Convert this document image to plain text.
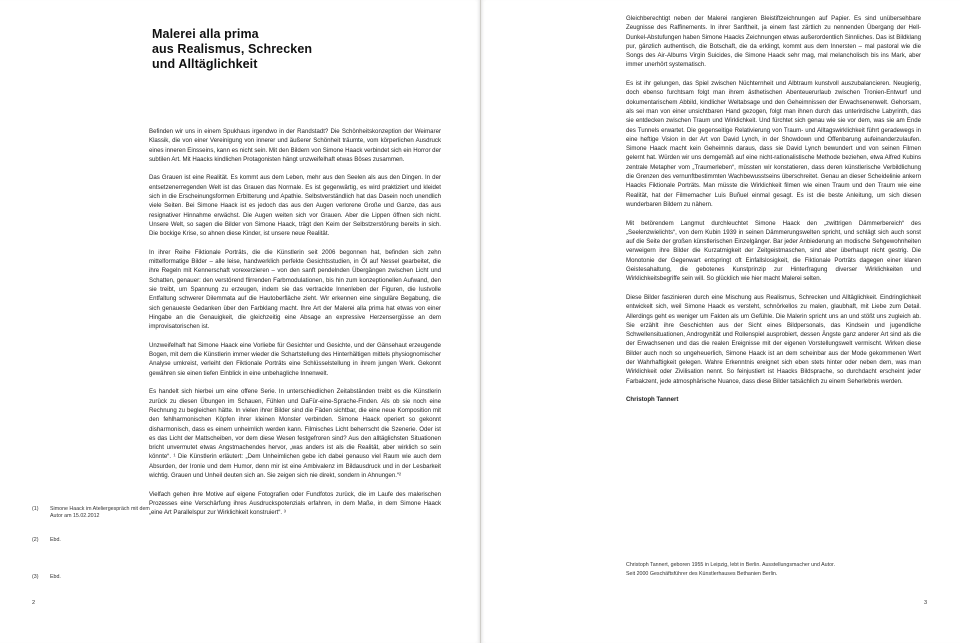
Malerei alla prima
aus Realismus, Schrecken
und Alltäglichkeit

Befinden wir uns in einem Spukhaus irgendwo in der Randstadt? Die Schönheitskonzeption der Weimarer Klassik, die von einer Vereinigung von innerer und äußerer Schönheit träumte, vom körperlichen Ausdruck eines inneren Einsseins, kann es nicht sein. Mit den Bildern von Simone Haack verbindet sich ein Horror der subtilen Art. Mit Haacks kindlichen Protagonisten hängt unzweifelhaft etwas Böses zusammen.

Das Grauen ist eine Realität. Es kommt aus dem Leben, mehr aus den Seelen als aus den Dingen. In der entsetzenerregenden Welt ist das Grauen das Normale. Es ist gegenwärtig, es wird praktiziert und kleidet sich in die Erscheinungsformen Erbitterung und Apathie. Selbstverständlich hat das Dasein noch unendlich viele Seiten. Bei Simone Haack ist es jedoch das aus den Augen verlorene Große und Ganze, das aus resignativer Hinnahme erwächst. Die Augen weiten sich vor Grauen. Aber die Lippen öffnen sich nicht. Unsere Welt, so sagen die Bilder von Simone Haack, trägt den Keim der Selbstzerstörung bereits in sich. Die bockige Krise, so ahnen diese Kinder, ist unsere neue Realität.

In ihrer Reihe Fiktionale Porträts, die die Künstlerin seit 2006 begonnen hat, befinden sich zehn mittelformatige Bilder – alle leise, handwerklich perfekte Gesichtsstudien, in Öl auf Nessel gearbeitet, die ihre Regeln mit Kennerschaft vorexerzieren – von den sanft pendelnden Übergängen zwischen Licht und Schatten, genauer: den verstörend flirrenden Farbmodulationen, bis hin zum konzeptionellen Aufwand, den sie treibt, um Spannung zu erzeugen, indem sie das vertrackte Innenleben der Figuren, die lustvolle Entfaltung schwerer Dilemmata auf die Hautoberfläche zieht. Wir erkennen eine singuläre Begabung, die sich genaueste Gedanken über den Farbklang macht. Ihre Art der Malerei alla prima hat etwas von einer Hingabe an die Genauigkeit, die gleichzeitig eine Absage an expressive Herzensergüsse an dem improvisatorischen ist.

Unzweifelhaft hat Simone Haack eine Vorliebe für Gesichter und Gesichte, und der Gänsehaut erzeugende Bogen, mit dem die Künstlerin immer wieder die Schartstellung des Hinterhältigen mittels physiognomischer Analyse umkreist, verleiht den Fiktionale Porträts eine Schlüsselstellung in ihrem jungen Werk. Gekonnt gewähren sie einen tiefen Einblick in eine unbehagliche Innenwelt.

Es handelt sich hierbei um eine offene Serie. In unterschiedlichen Zeitabständen treibt es die Künstlerin zurück zu diesen Übungen im Schauen, Fühlen und DaFür-eine-Sprache-Finden. Als ob sie noch eine Rechnung zu begleichen hätte. In vielen ihrer Bilder sind die Fäden sichtbar, die eine neue Komposition mit den fehlharmonischen Köpfen ihrer kleinen Monster verbinden. Simone Haack operiert so gekonnt disharmonisch, dass es einem unheimlich werden kann. Filmisches Licht beherrscht die Szenerie. Oder ist es das Licht der Mattscheiben, vor dem diese Wesen festgefroren sind? Aus den alltäglichsten Situationen bricht unvermutet etwas Angstmachendes hervor, „was anders ist als die Realität, aber wirklich so sein könnte“. ¹ Die Künstlerin erläutert: „Dem Unheimlichen gebe ich dabei genauso viel Raum wie auch dem Absurden, der Ironie und dem Humor, denn mir ist eine Ambivalenz im Bildausdruck und in der Lesbarkeit wichtig. Grauen und Unheil deuten sich an. Sie zeigen sich nie direkt, sondern in Ahnungen.“²

Vielfach gehen ihre Motive auf eigene Fotografien oder Fundfotos zurück, die im Laufe des malerischen Prozesses eine Verschärfung ihres Ausdruckspotenzials erfahren, in dem Maße, in dem Simone Haack „eine Art Parallelspur zur Wirklichkeit konstruiert“. ³

(1) Simone Haack im Ateliergespräch mit dem Autor am 15.02.2012
(2) Ebd.
(3) Ebd.
2

Gleichberechtigt neben der Malerei rangieren Bleistiftzeichnungen auf Papier. Es sind unübersehbare Zeugnisse des Raffinements. In ihrer Sanftheit, ja einem fast zärtlich zu nennenden Übergang der Hell-Dunkel-Abstufungen haben Simone Haacks Zeichnungen etwas außerordentlich Sinnliches. Das ist Bildklang pur, gänzlich authentisch, die Botschaft, die da erklingt, kommt aus dem Innersten – mal pastoral wie die Songs des Air-Albums Virgin Suicides, die Simone Haack sehr mag, mal melancholisch bis ins Mark, aber immer unerhört systematisch.

Es ist ihr gelungen, das Spiel zwischen Nüchternheit und Albtraum kunstvoll auszubalancieren. Neugierig, doch ebenso furchtsam folgt man ihrem ästhetischen Abenteuerurlaub zwischen Tronien-Entwurf und dokumentarischem Abbild, kindlicher Weltabsage und den Geheimnissen der Erwachsenenwelt. Gehorsam, als sei man von einer unsichtbaren Hand gezogen, folgt man ihnen durch das unterirdische Labyrinth, das sie entdecken zwischen Traum und Wirklichkeit. Und fürchtet sich genau wie sie vor dem, was sie am Ende des Tunnels erwartet. Die gegenseitige Relativierung von Traum- und Alltagswirklichkeit führt geradewegs in eine heftige Vision in der Art von David Lynch, in der Showdown und Offenbarung aufeinanderzulaufen. Simone Haack macht kein Geheimnis daraus, dass sie David Lynch bewundert und von seinen Filmen gelernt hat. Würden wir uns demgemäß auf eine nicht-rationalistische Methode beziehen, etwa Alfred Kubins zentrale Metapher vom „Traumerleben“, müssten wir konstatieren, dass deren künstlerische Verbildlichung die Grenzen des vernunftbestimmten Wachbewusstseins überschreitet. Genau an dieser Scheidelinie ankern Haacks Fiktionale Porträts. Man müsste die Wirklichkeit filmen wie einen Traum und den Traum wie eine Realität, hat der Filmemacher Luis Buñuel einmal gesagt. Es ist die beste Anleitung, um sich diesen wunderbaren Bildern zu nähern.

Mit betörendem Langmut durchleuchtet Simone Haack den „zwittrigen Dämmerbereich“ des „Seelenzwielichts“, von dem Kubin 1939 in seinen Dämmerungswelten spricht, und schlägt sich auch sonst auf die Seite der großen künstlerischen Einzelgänger. Bar jeder Anbiederung an modische Sehgewohnheiten verweigern ihre Bilder die Kurzatmigkeit der Zeitgeistmaschen, sind aber überhaupt nicht gestrig. Die Monotonie der Gegenwart entspringt oft Einfallslosigkeit, die Fiktionale Porträts dagegen einer klaren Geistesahaltung, die gebotenes Kunstprinzip zur Hinterfragung diverser Wirklichkeiten und Wirklichkeitsbegriffe sein will. So glücklich wie hier macht Malerei selten.

Diese Bilder faszinieren durch eine Mischung aus Realismus, Schrecken und Alltäglichkeit. Eindringlichkeit entwickelt sich, weil Simone Haack es versteht, schnörkellos zu malen, glaubhaft, mit Liebe zum Detail. Allerdings geht es weniger um Fakten als um Gefühle. Die Malerin spricht uns an und stößt uns zugleich ab. Sie erzählt ihre Geschichten aus der Sicht eines Bildpersonals, das Kindsein und jugendliche Schwellensituationen, Androgynität und Rollenspiel ausprobiert, dessen Ängste ganz anderer Art sind als die der Erwachsenen und das die realen Ereignisse mit der eigenen Vorstellungswelt vermischt. Wirken diese Bilder auch noch so ungeheuerlich, Simone Haack ist an dem scheinbar aus der Mode gekommenen Wert der Wahrhaftigkeit gelegen. Wahre Erkenntnis ereignet sich eben stets hinter oder neben dem, was man Wirklichkeit oder Zivilisation nennt. So feinjustiert ist Haacks Bildsprache, so durchdacht erscheint jeder Farbakzent, jede atmosphärische Nuance, dass diese Bilder tatsächlich zu einem Seherlebnis werden.

Christoph Tannert

Christoph Tannert, geboren 1955 in Leipzig, lebt in Berlin. Ausstellungsmacher und Autor.
Seit 2000 Geschäftsführer des Künstlerhauses Bethanien Berlin.
3
